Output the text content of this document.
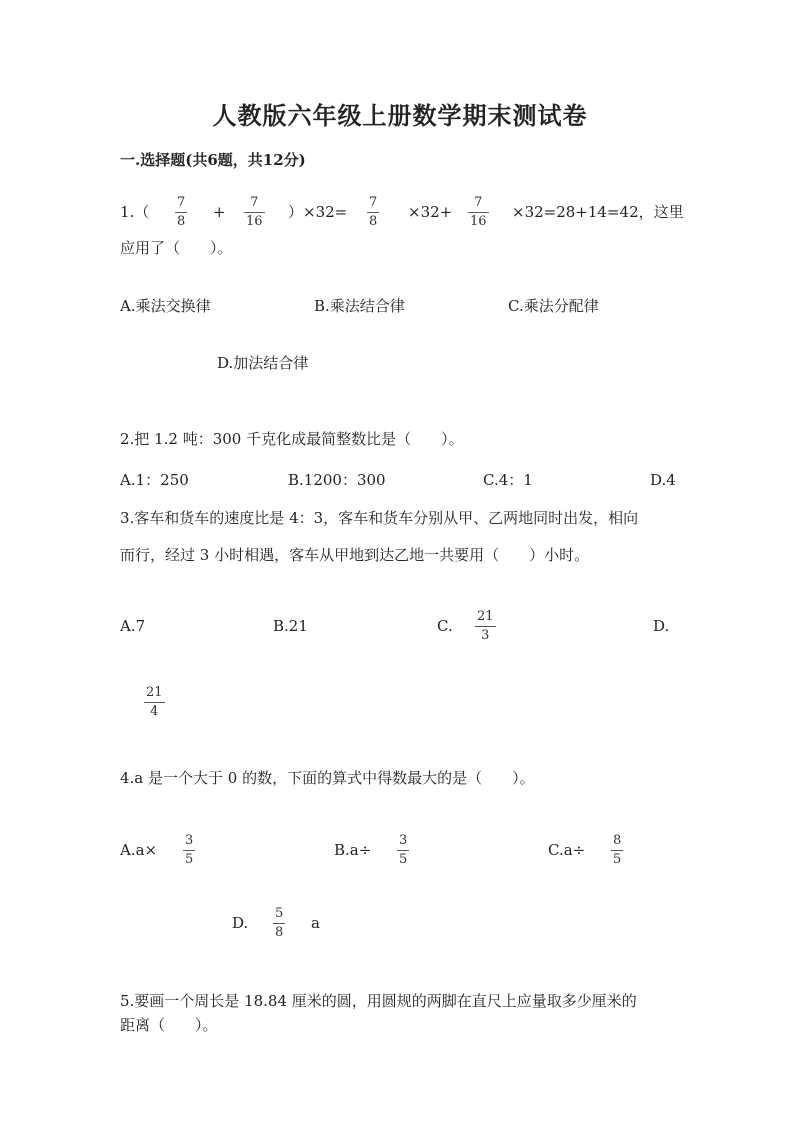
人教版六年级上册数学期末测试卷
一.选择题(共6题，共12分)
1.（
7
8
+
7
16
）×32=
7
8
×32+
7
16
×32=28+14=42，这里
应用了（　　）。
A.乘法交换律	B.乘法结合律	C.乘法分配律
D.加法结合律
2.把 1.2 吨：300 千克化成最简整数比是（　　）。
A.1：250	B.1200：300	C.4：1	D.4
3.客车和货车的速度比是 4：3，客车和货车分别从甲、乙两地同时出发，相向
而行，经过 3 小时相遇，客车从甲地到达乙地一共要用（　　）小时。
A.7	B.21	C.
21
3
D.
21
4
4.a 是一个大于 0 的数，下面的算式中得数最大的是（　　）。
A.a×
3
5
B.a÷
3
5
C.a÷
8
5
D.
5
8
a
5.要画一个周长是 18.84 厘米的圆，用圆规的两脚在直尺上应量取多少厘米的
距离（　　）。
